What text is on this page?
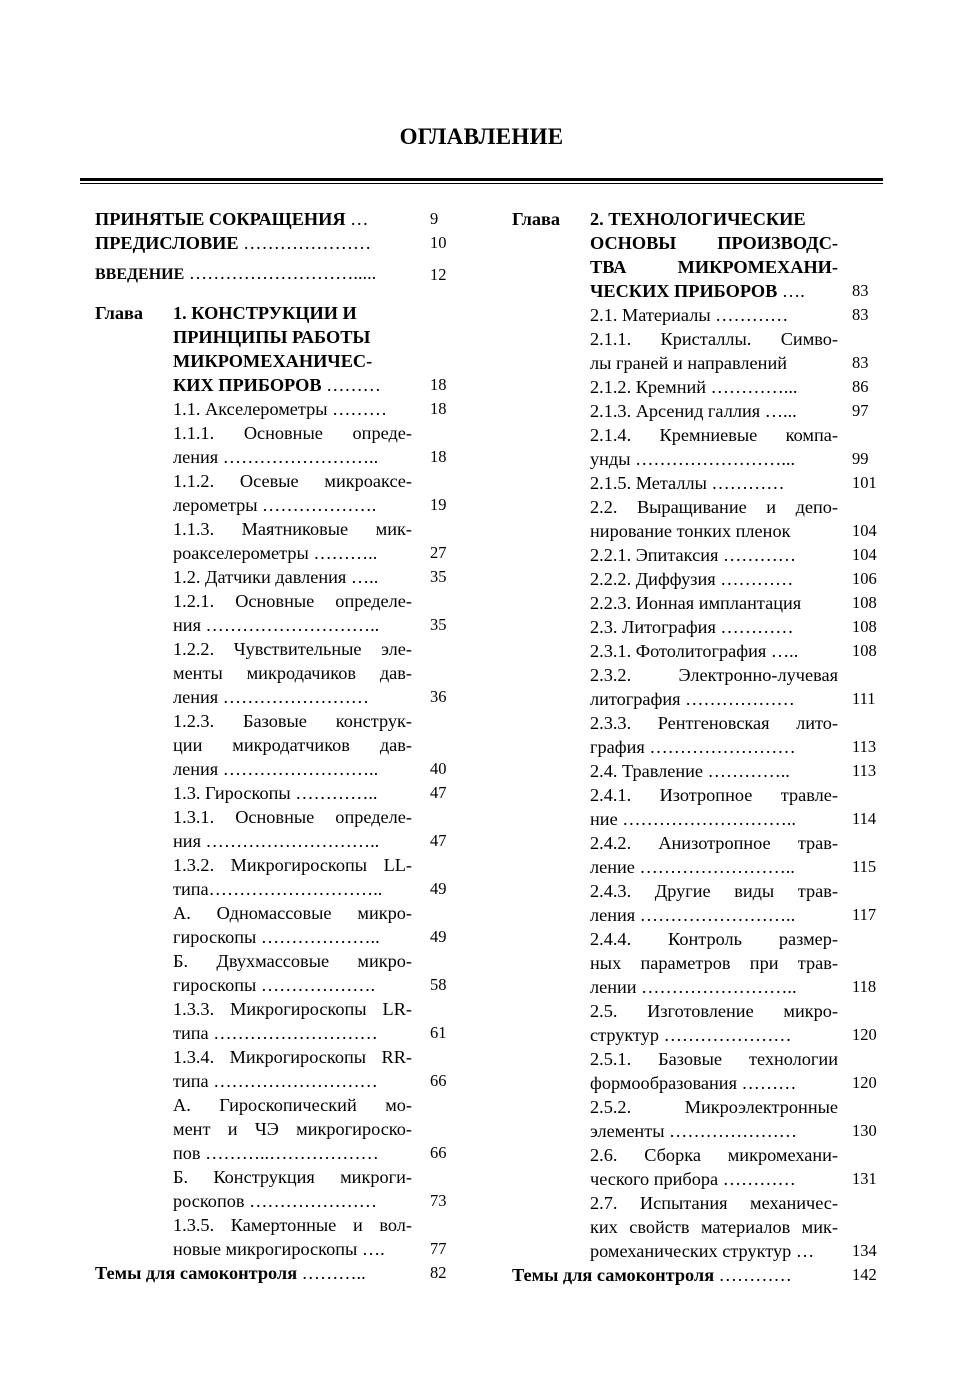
ОГЛАВЛЕНИЕ
ПРИНЯТЫЕ СОКРАЩЕНИЯ …	9
ПРЕДИСЛОВИЕ …………………	10
ВВЕДЕНИЕ ……………………….....	12
Глава	1. КОНСТРУКЦИИ И
ПРИНЦИПЫ РАБОТЫ
МИКРОМЕХАНИЧЕС-
КИХ ПРИБОРОВ ………	18
1.1. Акселерометры ………	18
1.1.1. Основные опреде-
ления ……………………..	18
1.1.2. Осевые микроаксе-
лерометры ……………….	19
1.1.3. Маятниковые мик-
роакселерометры ………..	27
1.2. Датчики давления …..	35
1.2.1. Основные определе-
ния ………………………..	35
1.2.2. Чувствительные эле-
менты микродачиков дав-
ления ……………………	36
1.2.3. Базовые конструк-
ции микродатчиков дав-
ления ……………………..	40
1.3. Гироскопы …………..	47
1.3.1. Основные определе-
ния ………………………..	47
1.3.2. Микрогироскопы LL-
типа………………………..	49
А. Одномассовые микро-
гироскопы ………………..	49
Б. Двухмассовые микро-
гироскопы ……………….	58
1.3.3. Микрогироскопы LR-
типа ………………………	61
1.3.4. Микрогироскопы RR-
типа ………………………	66
А. Гироскопический мо-
мент и ЧЭ микрогироско-
пов ………..………………	66
Б. Конструкция микроги-
роскопов …………………	73
1.3.5. Камертонные и вол-
новые микрогироскопы ….	77
Темы для самоконтроля ………..	82
Глава	2. ТЕХНОЛОГИЧЕСКИЕ
ОСНОВЫ ПРОИЗВОДС-
ТВА МИКРОМЕХАНИ-
ЧЕСКИХ ПРИБОРОВ ….	83
2.1. Материалы …………	83
2.1.1. Кристаллы. Симво-
лы граней и направлений	83
2.1.2. Кремний …………...	86
2.1.3. Арсенид галлия …...	97
2.1.4. Кремниевые компа-
унды ……………………...	99
2.1.5. Металлы …………	101
2.2. Выращивание и депо-
нирование тонких пленок	104
2.2.1. Эпитаксия …………	104
2.2.2. Диффузия …………	106
2.2.3. Ионная имплантация	108
2.3. Литография …………	108
2.3.1. Фотолитография …..	108
2.3.2. Электронно-лучевая
литография ………………	111
2.3.3. Рентгеновская лито-
графия ……………………	113
2.4. Травление …………..	113
2.4.1. Изотропное травле-
ние ………………………..	114
2.4.2. Анизотропное трав-
ление ……………………..	115
2.4.3. Другие виды трав-
ления ……………………..	117
2.4.4. Контроль размер-
ных параметров при трав-
лении ……………………..	118
2.5. Изготовление микро-
структур …………………	120
2.5.1. Базовые технологии
формообразования ………	120
2.5.2. Микроэлектронные
элементы …………………	130
2.6. Сборка микромехани-
ческого прибора …………	131
2.7. Испытания механичес-
ких свойств материалов мик-
ромеханических структур …	134
Темы для самоконтроля …………	142
